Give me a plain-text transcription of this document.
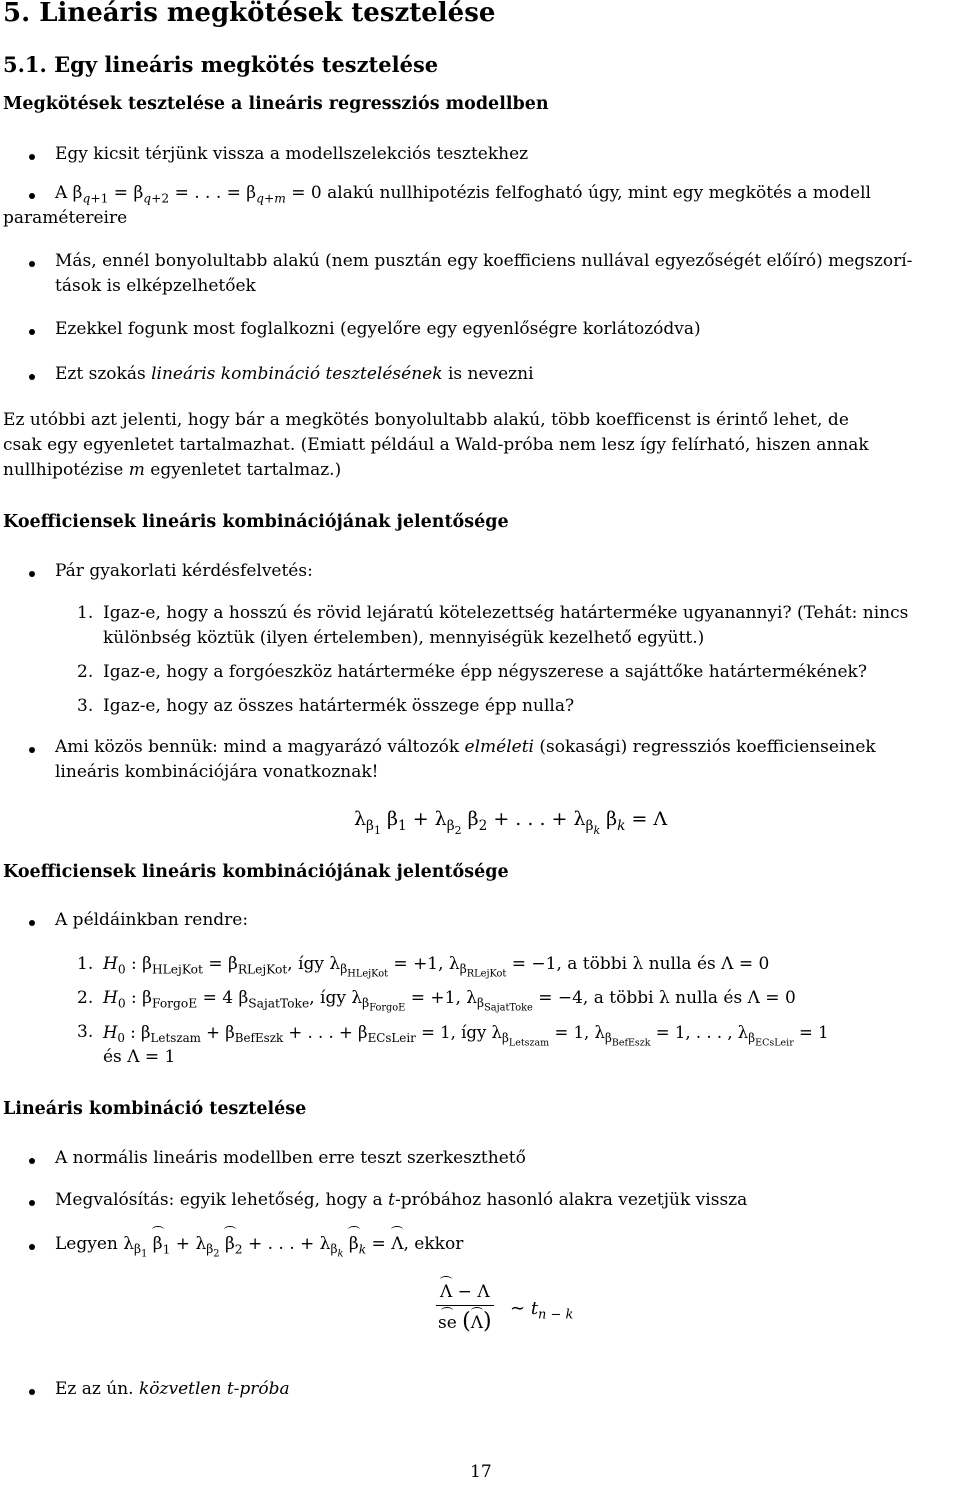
5. Lineáris megkötések tesztelése
5.1. Egy lineáris megkötés tesztelése
Megkötések tesztelése a lineáris regressziós modellben
Egy kicsit térjünk vissza a modellszelekciós tesztekhez
A $\beta_{q+1} = \beta_{q+2}$ = . . . = $\beta_{q+m} = 0$ alakú nullhipotézis felfogható úgy, mint egy megkötés a modell
paramétereire
Más, ennél bonyolultabb alakú (nem pusztán egy koefficiens nullával egyezőségét előíró) megszorí-
tások is elképzelhetőek
Ezekkel fogunk most foglalkozni (egyelőre egy egyenlőségre korlátozódva)
Ezt szokás lineáris kombináció tesztelésének is nevezni
Ez utóbbi azt jelenti, hogy bár a megkötés bonyolultabb alakú, több koefficenst is érintő lehet, de
csak egy egyenletet tartalmazhat. (Emiatt például a Wald-próba nem lesz így felírható, hiszen annak
nullhipotézise m egyenletet tartalmaz.)
Koefficiensek lineáris kombinációjának jelentősége
Pár gyakorlati kérdésfelvetés:
1. Igaz-e, hogy a hosszú és rövid lejáratú kötelezettség határterméke ugyanannyi? (Tehát: nincs
különbség köztük (ilyen értelemben), mennyiségük kezelhető együtt.)
2. Igaz-e, hogy a forgóeszköz határterméke épp négyszerese a sajáttőke határtermékének?
3. Igaz-e, hogy az összes határtermék összege épp nulla?
Ami közös bennük: mind a magyarázó változók elméleti (sokasági) regressziós koefficienseinek
lineáris kombinációjára vonatkoznak!
$\lambda_{\beta_1}$ $\beta_1 + \lambda_{\beta_2}$ $\beta_2$ + . . . + $\lambda_{\beta_k}$ $\beta_k = \Lambda$
Koefficiensek lineáris kombinációjának jelentősége
A példáinkban rendre:
1. $H_0$ : $\beta_{HLejKot} = \beta_{RLejKot}$, így $\lambda_{\beta_{HLejKot}} = +1$, $\lambda_{\beta_{RLejKot}} = -1$, a többi λ nulla és Λ = 0
2. $H_0$ : $\beta_{ForgoE} = 4$ $\beta_{SajatToke}$, így $\lambda_{\beta_{ForgoE}} = +1$, $\lambda_{\beta_{SajatToke}} = -4$, a többi λ nulla és Λ = 0
3. $H_0$ : $\beta_{Letszam} + \beta_{BefEszk}$ + . . . + $\beta_{ECsLeir} = 1$, így $\lambda_{\beta_{Letszam}} = 1$, $\lambda_{\beta_{BefEszk}} = 1$, . . . , $\lambda_{\beta_{ECsLeir}} = 1$
és Λ = 1
Lineáris kombináció tesztelése
A normális lineáris modellben erre teszt szerkeszthető
Megvalósítás: egyik lehetőség, hogy a t-próbához hasonló alakra vezetjük vissza
Legyen $\lambda_{\beta_1}$ $\beta_1 + \lambda_{\beta_2}$ $\beta_2$ + . . . + $\lambda_{\beta_k}$ $\beta_k = \Lambda$, ekkor
$\frac{\Lambda - \Lambda}{se (\Lambda)}$ ∼ $t_{n - k}$
Ez az ún. közvetlen t-próba
17
